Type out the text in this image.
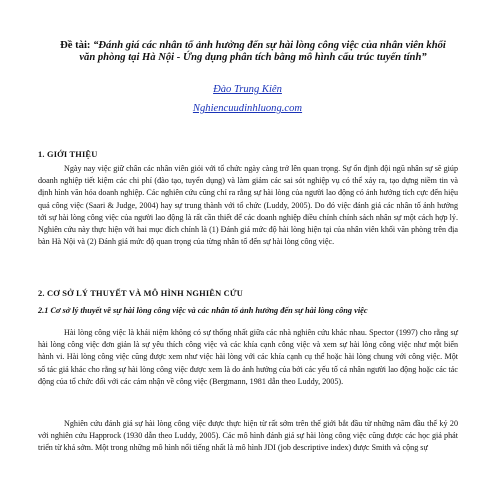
Đề tài: “Đánh giá các nhân tố ảnh hưởng đến sự hài lòng công việc của nhân viên khối văn phòng tại Hà Nội - Ứng dụng phân tích bằng mô hình cấu trúc tuyến tính”
Đào Trung Kiên
Nghiencuudinhluong.com
1. GIỚI THIỆU

Ngày nay việc giữ chân các nhân viên giỏi với tổ chức ngày càng trở lên quan trọng. Sự ổn định đội ngũ nhân sự sẽ giúp doanh nghiệp tiết kiệm các chi phí (đào tạo, tuyển dụng) và làm giảm các sai sót nghiệp vụ có thể xảy ra, tạo dựng niềm tin và định hình văn hóa doanh nghiệp. Các nghiên cứu cũng chỉ ra rằng sự hài lòng của người lao động có ảnh hưởng tích cực đến hiệu quả công việc (Saari & Judge, 2004) hay sự trung thành với tổ chức (Luddy, 2005). Do đó việc đánh giá các nhân tố ảnh hưởng tới sự hài lòng công việc của người lao động là rất cần thiết để các doanh nghiệp điều chỉnh chính sách nhân sự một cách hợp lý. Nghiên cứu này thực hiện với hai mục đích chính là (1) Đánh giá mức độ hài lòng hiện tại của nhân viên khối văn phòng trên địa bàn Hà Nội và (2) Đánh giá mức độ quan trọng của từng nhân tố đến sự hài lòng công việc.

2. CƠ SỞ LÝ THUYẾT VÀ MÔ HÌNH NGHIÊN CỨU
2.1 Cơ sở lý thuyết về sự hài lòng công việc và các nhân tố ảnh hưởng đến sự hài lòng công việc

Hài lòng công việc là khái niệm không có sự thống nhất giữa các nhà nghiên cứu khác nhau. Spector (1997) cho rằng sự hài lòng công việc đơn giản là sự yêu thích công việc và các khía cạnh công việc và xem sự hài lòng công việc như một biến hành vi. Hài lòng công việc cũng được xem như việc hài lòng với các khía cạnh cụ thể hoặc hài lòng chung với công việc. Một số tác giả khác cho rằng sự hài lòng công việc được xem là do ảnh hưởng của bởi các yếu tố cá nhân người lao động hoặc các tác động của tổ chức đối với các cảm nhận về công việc (Bergmann, 1981 dẫn theo Luddy, 2005).

Nghiên cứu đánh giá sự hài lòng công việc được thực hiện từ rất sớm trên thế giới bắt đầu từ những năm đầu thế kỷ 20 với nghiên cứu Happrock (1930 dẫn theo Luddy, 2005). Các mô hình đánh giá sự hài lòng công việc cũng được các học giả phát triển từ khá sớm. Một trong những mô hình nổi tiếng nhất là mô hình JDI (job descriptive index) được Smith và cộng sự
